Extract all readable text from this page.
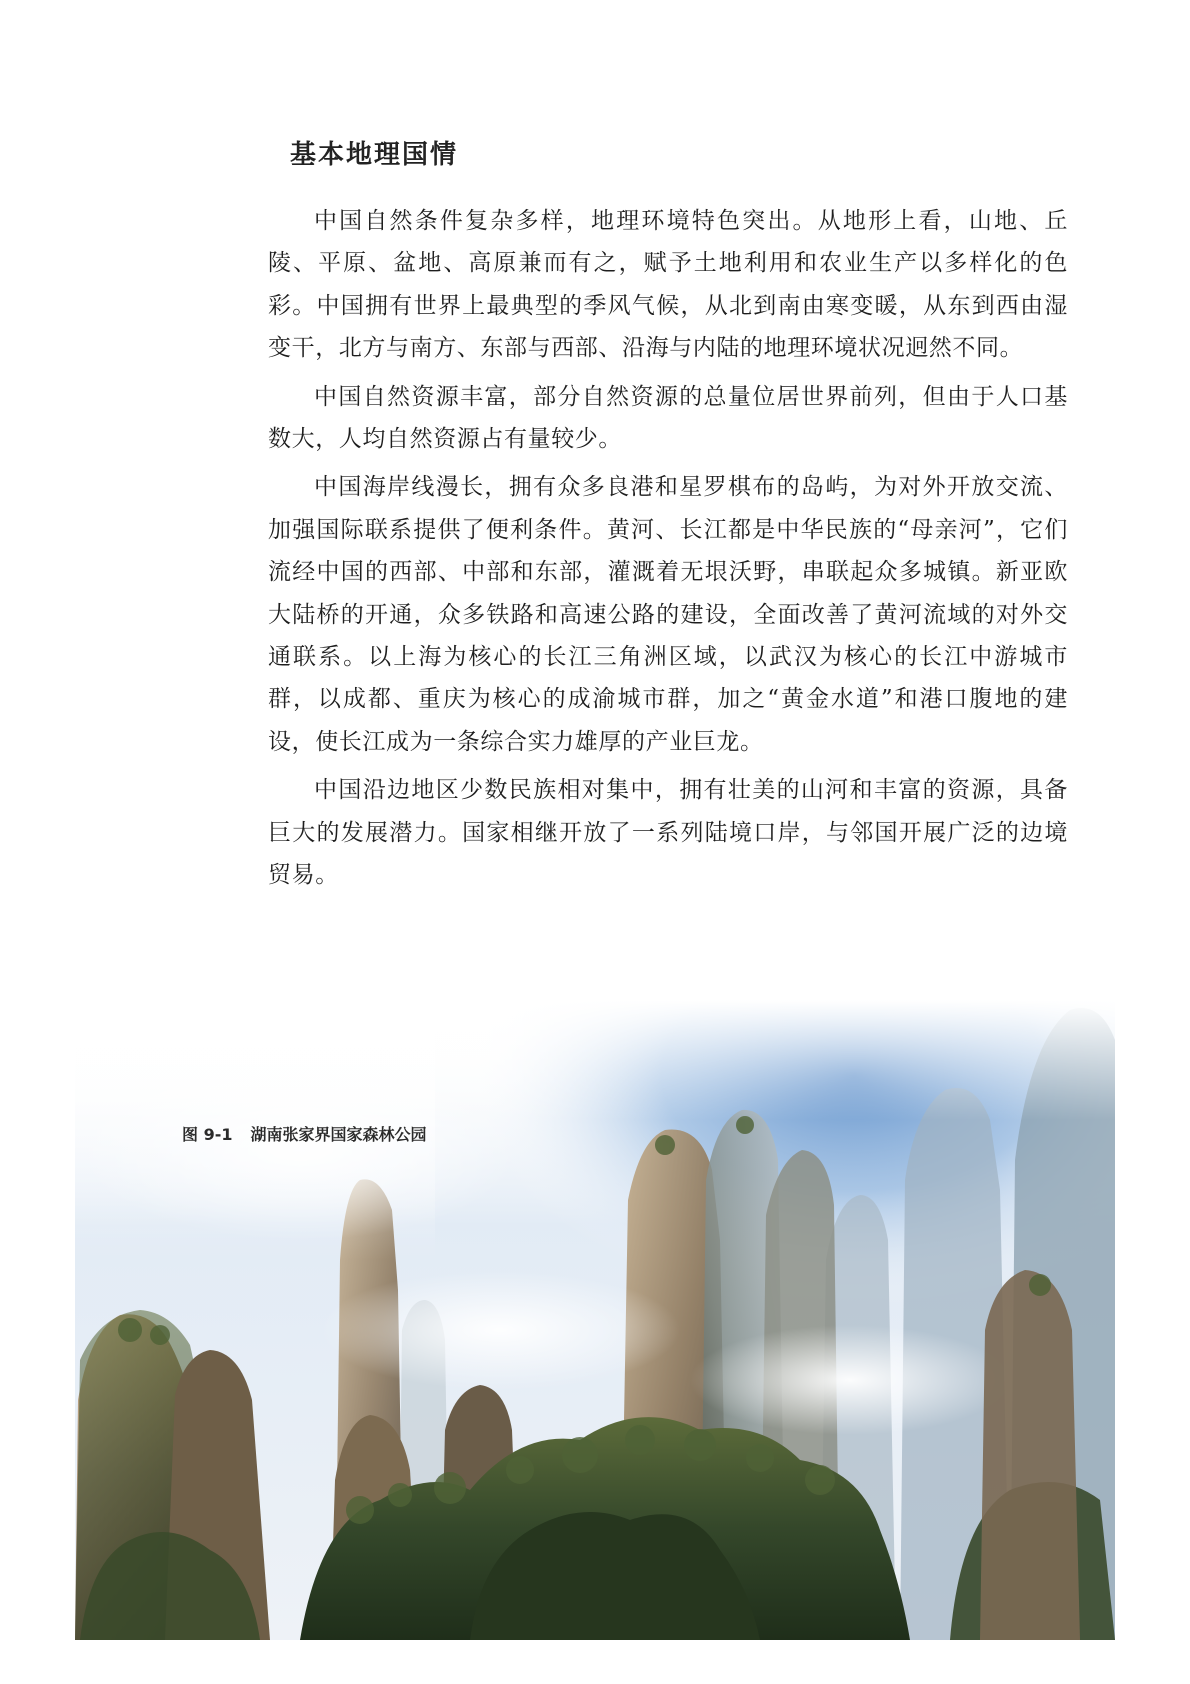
基本地理国情

中国自然条件复杂多样，地理环境特色突出。从地形上看，山地、丘陵、平原、盆地、高原兼而有之，赋予土地利用和农业生产以多样化的色彩。中国拥有世界上最典型的季风气候，从北到南由寒变暖，从东到西由湿变干，北方与南方、东部与西部、沿海与内陆的地理环境状况迥然不同。

中国自然资源丰富，部分自然资源的总量位居世界前列，但由于人口基数大，人均自然资源占有量较少。

中国海岸线漫长，拥有众多良港和星罗棋布的岛屿，为对外开放交流、加强国际联系提供了便利条件。黄河、长江都是中华民族的“母亲河”，它们流经中国的西部、中部和东部，灌溉着无垠沃野，串联起众多城镇。新亚欧大陆桥的开通，众多铁路和高速公路的建设，全面改善了黄河流域的对外交通联系。以上海为核心的长江三角洲区域，以武汉为核心的长江中游城市群，以成都、重庆为核心的成渝城市群，加之“黄金水道”和港口腹地的建设，使长江成为一条综合实力雄厚的产业巨龙。

中国沿边地区少数民族相对集中，拥有壮美的山河和丰富的资源，具备巨大的发展潜力。国家相继开放了一系列陆境口岸，与邻国开展广泛的边境贸易。

图 9-1 湖南张家界国家森林公园
